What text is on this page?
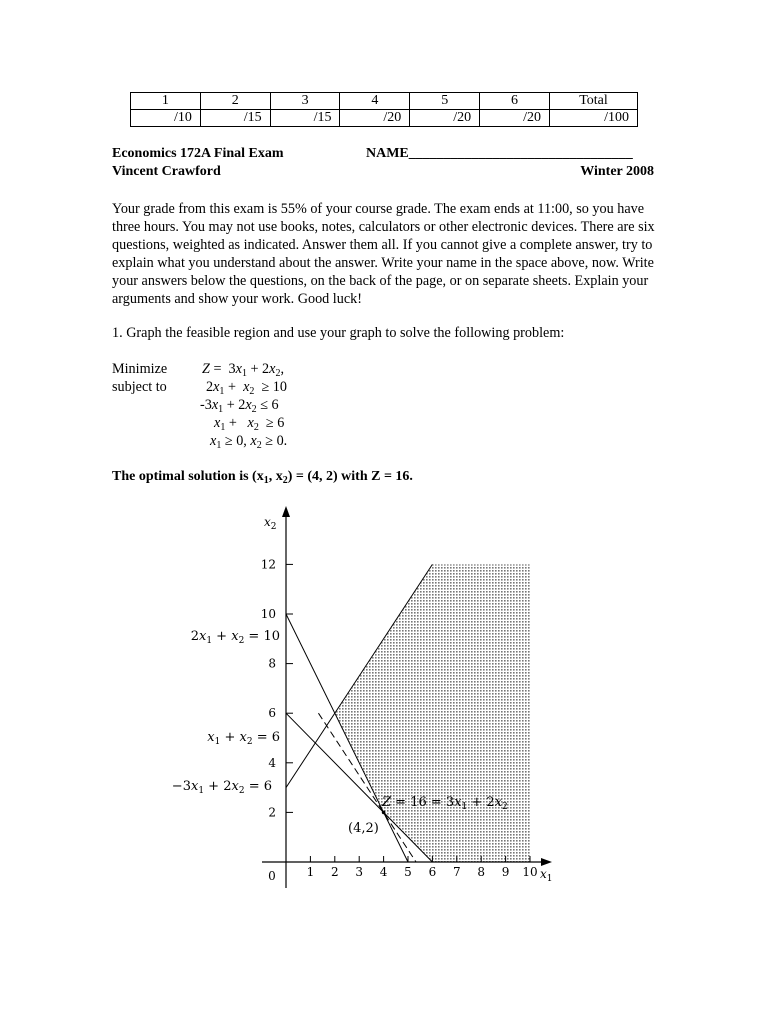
1	2	3	4	5	6	Total
/10	/15	/15	/20	/20	/20	/100
Economics 172A Final Exam	NAME________________________________
Vincent Crawford	Winter 2008
Your grade from this exam is 55% of your course grade. The exam ends at 11:00, so you have three hours. You may not use books, notes, calculators or other electronic devices. There are six questions, weighted as indicated. Answer them all. If you cannot give a complete answer, try to explain what you understand about the answer. Write your name in the space above, now. Write your answers below the questions, on the back of the page, or on separate sheets. Explain your arguments and show your work. Good luck!
1. Graph the feasible region and use your graph to solve the following problem:
Minimize
subject to
$Z = 3x_1 + 2x_2$,
$2x_1 + x_2 \ge 10$
$-3x_1 + 2x_2 \le 6$
$x_1 + x_2 \ge 6$
$x_1 \ge 0$, $x_2 \ge 0$.
The optimal solution is ($x_1$, $x_2) = (4$, 2) with Z = 16.
1 2 3 4 5 6 7 8 9 10
2
4
6
8
10
12
0	$x_1$
$x_2$
$2x_1 + x_2 = 10$
$x_1 + x_2 = 6$
$-3x_1 + 2x_2 = 6$
$Z = 16 = 3x_1 + 2x_2$
(4,2)
